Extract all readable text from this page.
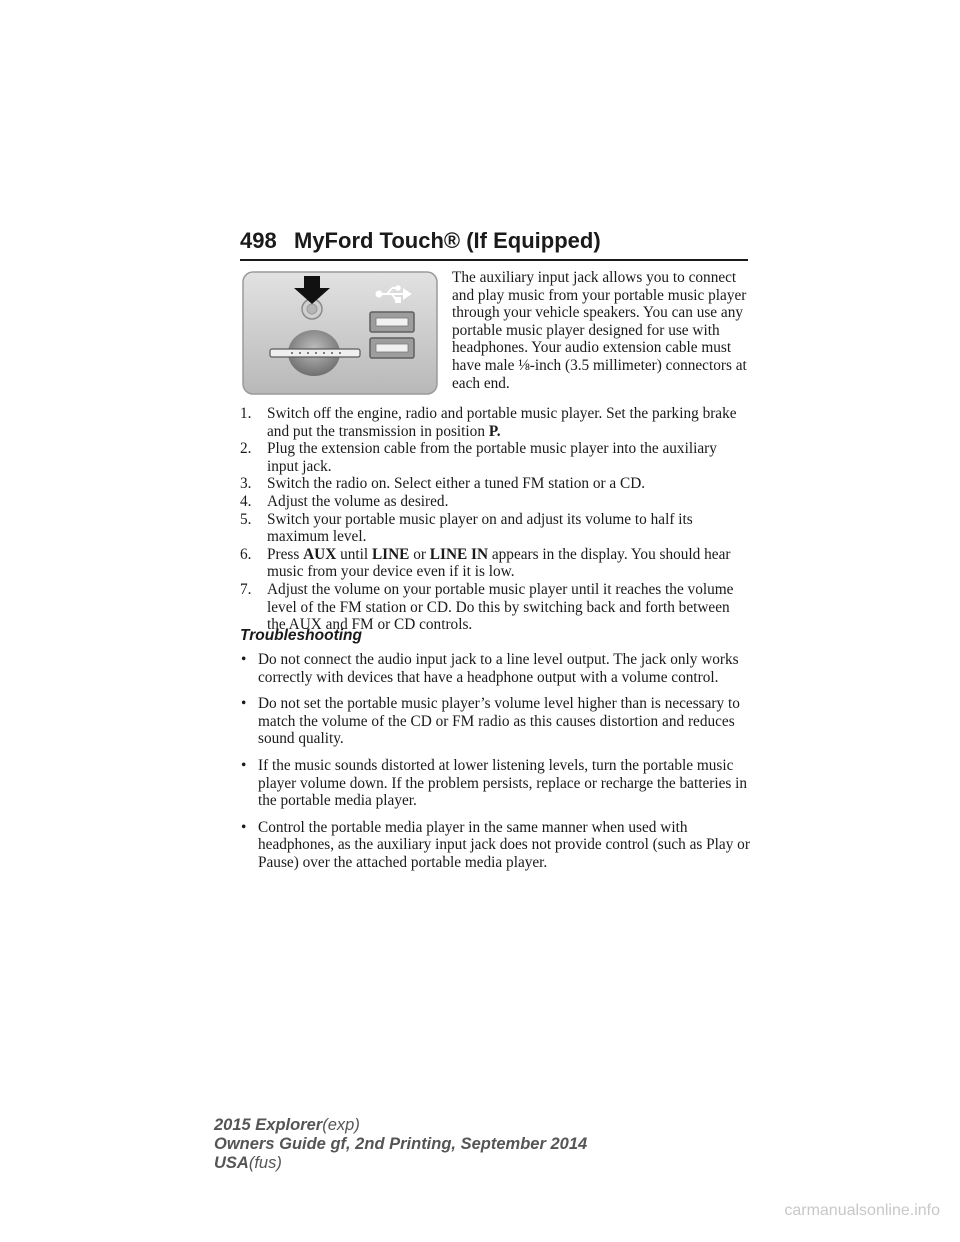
498 MyFord Touch® (If Equipped)

The auxiliary input jack allows you to connect and play music from your portable music player through your vehicle speakers. You can use any portable music player designed for use with headphones. Your audio extension cable must have male ⅛-inch (3.5 millimeter) connectors at each end.

1. Switch off the engine, radio and portable music player. Set the parking brake and put the transmission in position P.
2. Plug the extension cable from the portable music player into the auxiliary input jack.
3. Switch the radio on. Select either a tuned FM station or a CD.
4. Adjust the volume as desired.
5. Switch your portable music player on and adjust its volume to half its maximum level.
6. Press AUX until LINE or LINE IN appears in the display. You should hear music from your device even if it is low.
7. Adjust the volume on your portable music player until it reaches the volume level of the FM station or CD. Do this by switching back and forth between the AUX and FM or CD controls.
Troubleshooting
• Do not connect the audio input jack to a line level output. The jack only works correctly with devices that have a headphone output with a volume control.
• Do not set the portable music player’s volume level higher than is necessary to match the volume of the CD or FM radio as this causes distortion and reduces sound quality.
• If the music sounds distorted at lower listening levels, turn the portable music player volume down. If the problem persists, replace or recharge the batteries in the portable media player.
• Control the portable media player in the same manner when used with headphones, as the auxiliary input jack does not provide control (such as Play or Pause) over the attached portable media player.
2015 Explorer(exp)
Owners Guide gf, 2nd Printing, September 2014
USA(fus)
carmanualsonline.info
